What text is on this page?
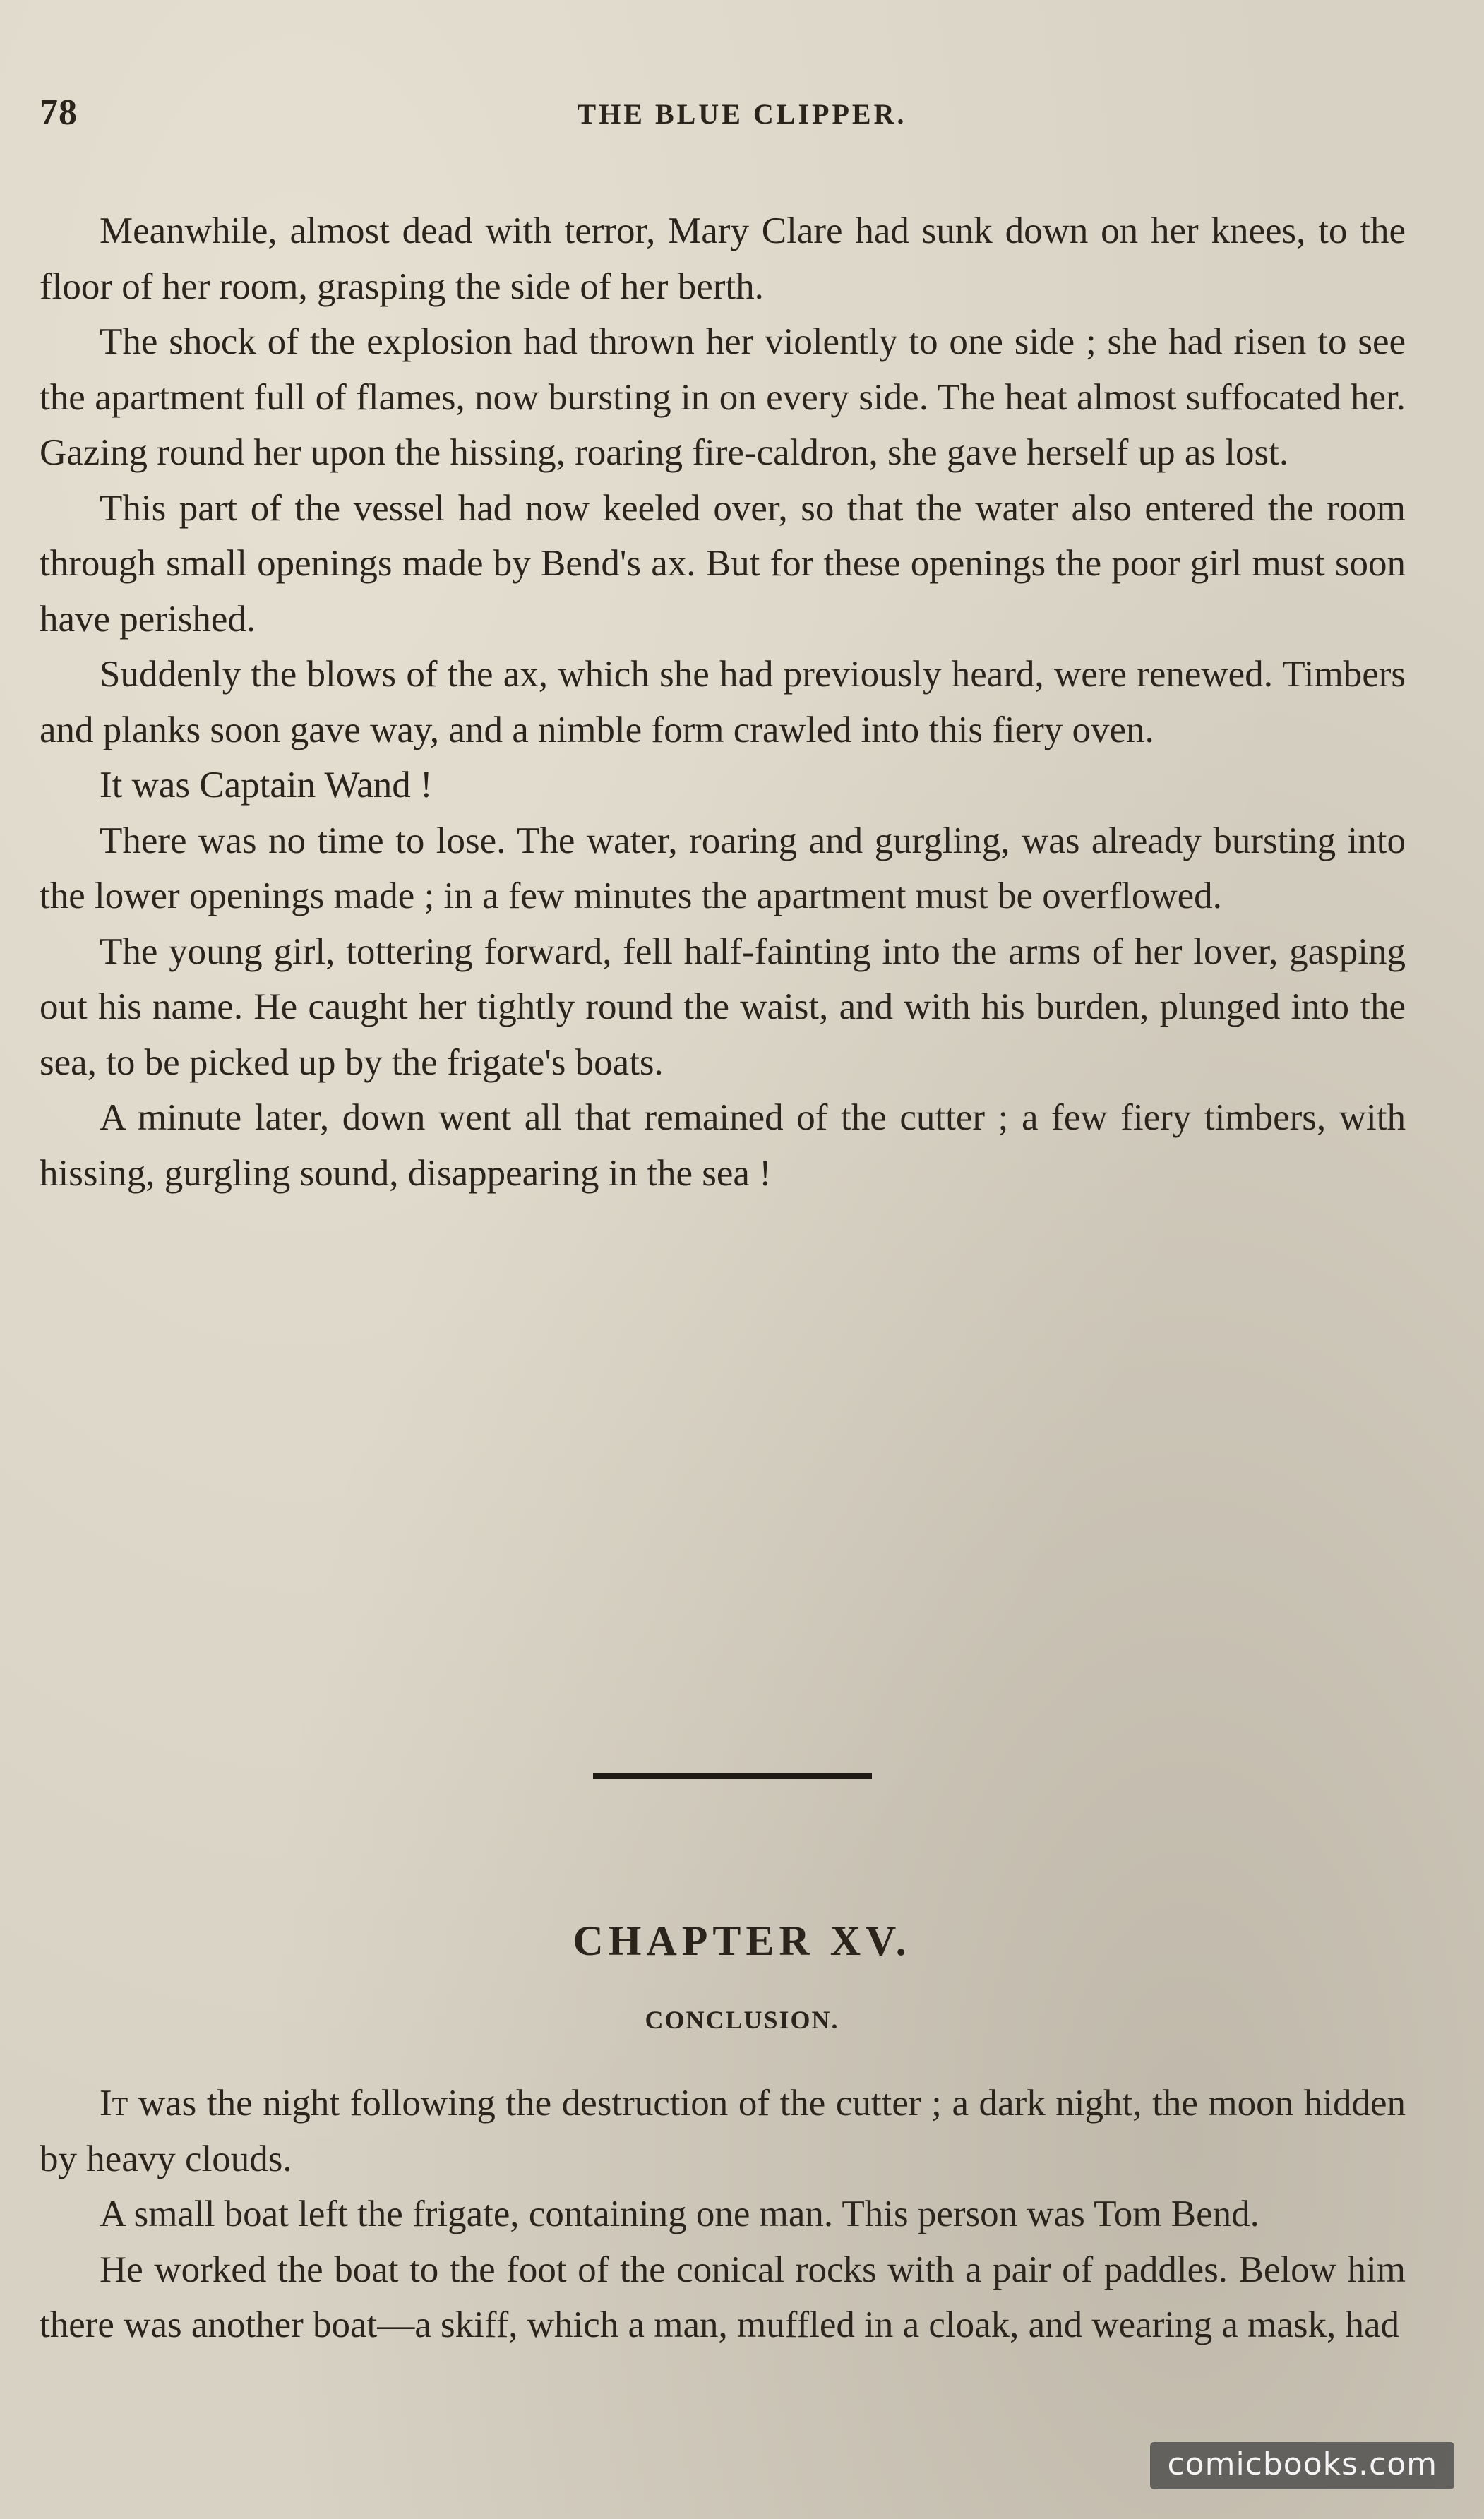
78	THE BLUE CLIPPER.

Meanwhile, almost dead with terror, Mary Clare had sunk down on her knees, to the floor of her room, grasping the side of her berth.

The shock of the explosion had thrown her violently to one side ; she had risen to see the apartment full of flames, now bursting in on every side. The heat almost suffocated her. Gazing round her upon the hissing, roaring fire-caldron, she gave herself up as lost.

This part of the vessel had now keeled over, so that the water also entered the room through small openings made by Bend's ax. But for these openings the poor girl must soon have perished.

Suddenly the blows of the ax, which she had previously heard, were renewed. Timbers and planks soon gave way, and a nimble form crawled into this fiery oven.

It was Captain Wand !

There was no time to lose. The water, roaring and gurgling, was already bursting into the lower openings made ; in a few minutes the apartment must be overflowed.

The young girl, tottering forward, fell half-fainting into the arms of her lover, gasping out his name. He caught her tightly round the waist, and with his burden, plunged into the sea, to be picked up by the frigate's boats.

A minute later, down went all that remained of the cutter ; a few fiery timbers, with hissing, gurgling sound, disappearing in the sea !

CHAPTER XV.
CONCLUSION.

It was the night following the destruction of the cutter ; a dark night, the moon hidden by heavy clouds.

A small boat left the frigate, containing one man. This person was Tom Bend.

He worked the boat to the foot of the conical rocks with a pair of paddles. Below him there was another boat—a skiff, which a man, muffled in a cloak, and wearing a mask, had

comicbooks.com
